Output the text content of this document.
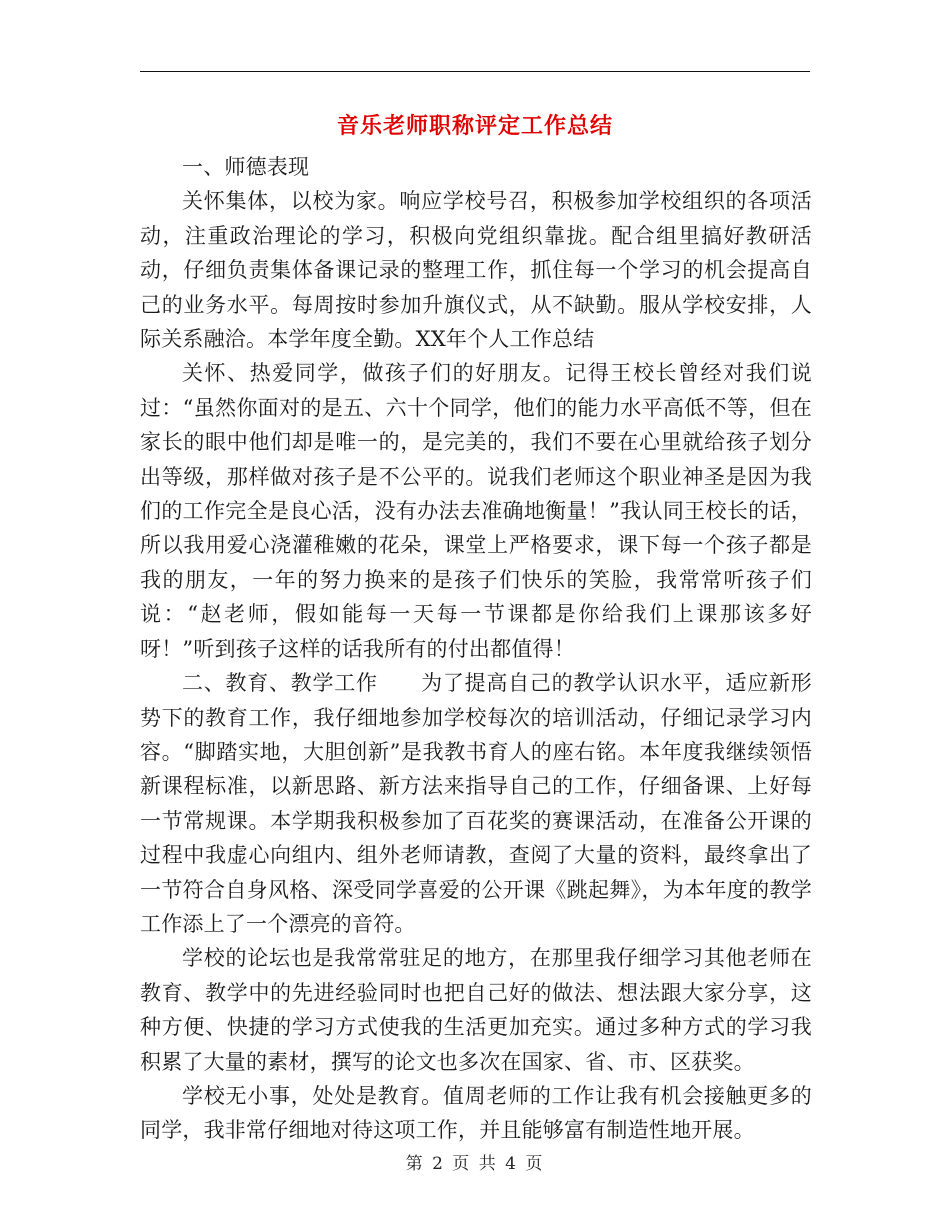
音乐老师职称评定工作总结

一、师德表现

关怀集体，以校为家。响应学校号召，积极参加学校组织的各项活动，注重政治理论的学习，积极向党组织靠拢。配合组里搞好教研活动，仔细负责集体备课记录的整理工作，抓住每一个学习的机会提高自己的业务水平。每周按时参加升旗仪式，从不缺勤。服从学校安排，人际关系融洽。本学年度全勤。XX年个人工作总结

关怀、热爱同学，做孩子们的好朋友。记得王校长曾经对我们说过：“虽然你面对的是五、六十个同学，他们的能力水平高低不等，但在家长的眼中他们却是唯一的，是完美的，我们不要在心里就给孩子划分出等级，那样做对孩子是不公平的。说我们老师这个职业神圣是因为我们的工作完全是良心活，没有办法去准确地衡量！”我认同王校长的话，所以我用爱心浇灌稚嫩的花朵，课堂上严格要求，课下每一个孩子都是我的朋友，一年的努力换来的是孩子们快乐的笑脸，我常常听孩子们说：“赵老师，假如能每一天每一节课都是你给我们上课那该多好呀！”听到孩子这样的话我所有的付出都值得！

二、教育、教学工作　　为了提高自己的教学认识水平，适应新形势下的教育工作，我仔细地参加学校每次的培训活动，仔细记录学习内容。“脚踏实地，大胆创新”是我教书育人的座右铭。本年度我继续领悟新课程标准，以新思路、新方法来指导自己的工作，仔细备课、上好每一节常规课。本学期我积极参加了百花奖的赛课活动，在准备公开课的过程中我虚心向组内、组外老师请教，查阅了大量的资料，最终拿出了一节符合自身风格、深受同学喜爱的公开课《跳起舞》，为本年度的教学工作添上了一个漂亮的音符。

学校的论坛也是我常常驻足的地方，在那里我仔细学习其他老师在教育、教学中的先进经验同时也把自己好的做法、想法跟大家分享，这种方便、快捷的学习方式使我的生活更加充实。通过多种方式的学习我积累了大量的素材，撰写的论文也多次在国家、省、市、区获奖。

学校无小事，处处是教育。值周老师的工作让我有机会接触更多的同学，我非常仔细地对待这项工作，并且能够富有制造性地开展。

第 2 页 共 4 页
